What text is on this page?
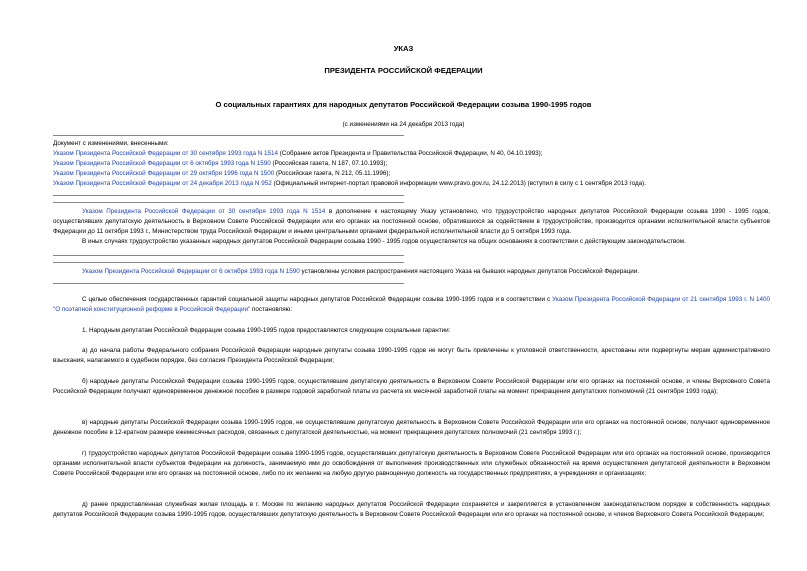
УКАЗ
ПРЕЗИДЕНТА РОССИЙСКОЙ ФЕДЕРАЦИИ
О социальных гарантиях для народных депутатов Российской Федерации созыва 1990-1995 годов
(с изменениями на 24 декабря 2013 года)
Документ с изменениями, внесенными:
Указом Президента Российской Федерации от 30 сентября 1993 года N 1514 (Собрание актов Президента и Правительства Российской Федерации, N 40, 04.10.1993);
Указом Президента Российской Федерации от 6 октября 1993 года N 1590 (Российская газета, N 187, 07.10.1993);
Указом Президента Российской Федерации от 29 октября 1996 года N 1500 (Российская газета, N 212, 05.11.1996);
Указом Президента Российской Федерации от 24 декабря 2013 года N 952 (Официальный интернет-портал правовой информации www.pravo.gov.ru, 24.12.2013) (вступил в силу с 1 сентября 2013 года).

Указом Президента Российской Федерации от 30 сентября 1993 года N 1514 в дополнение к настоящему Указу установлено, что трудоустройство народных депутатов Российской Федерации созыва 1990 - 1995 годов, осуществлявших депутатскую деятельность в Верховном Совете Российской Федерации или его органах на постоянной основе, обратившихся за содействием в трудоустройстве, производится органами исполнительной власти субъектов Федерации до 11 октября 1993 г., Министерством труда Российской Федерации и иными центральными органами федеральной исполнительной власти до 5 октября 1993 года.

В иных случаях трудоустройство указанных народных депутатов Российской Федерации созыва 1990 - 1995 годов осуществляется на общих основаниях в соответствии с действующим законодательством.

Указом Президента Российской Федерации от 6 октября 1993 года N 1590 установлены условия распространения настоящего Указа на бывших народных депутатов Российской Федерации.

С целью обеспечения государственных гарантий социальной защиты народных депутатов Российской Федерации созыва 1990-1995 годов и в соответствии с Указом Президента Российской Федерации от 21 сентября 1993 г. N 1400 "О поэтапной конституционной реформе в Российской Федерации" постановляю:

1. Народным депутатам Российской Федерации созыва 1990-1995 годов предоставляются следующие социальные гарантии:

а) до начала работы Федерального собрания Российской Федерации народные депутаты созыва 1990-1995 годов не могут быть привлечены к уголовной ответственности, арестованы или подвергнуты мерам административного взыскания, налагаемого в судебном порядке, без согласия Президента Российской Федерации;

б) народные депутаты Российской Федерации созыва 1990-1995 годов, осуществлявшие депутатскую деятельность в Верховном Совете Российской Федерации или его органах на постоянной основе, и члены Верховного Совета Российской Федерации получают единовременное денежное пособие в размере годовой заработной платы из расчета их месячной заработной платы на момент прекращения депутатских полномочий (21 сентября 1993 года);

в) народные депутаты Российской Федерации созыва 1990-1995 годов, не осуществлявшие депутатскую деятельность в Верховном Совете Российской Федерации или его органах на постоянной основе, получают единовременное денежное пособие в 12-кратном размере ежемесячных расходов, связанных с депутатской деятельностью, на момент прекращения депутатских полномочий (21 сентября 1993 г.);

г) трудоустройство народных депутатов Российской Федерации созыва 1990-1995 годов, осуществлявших депутатскую деятельность в Верховном Совете Российской Федерации или его органах на постоянной основе, производится органами исполнительной власти субъектов Федерации на должность, занимаемую ими до освобождения от выполнения производственных или служебных обязанностей на время осуществления депутатской деятельности в Верховном Совете Российской Федерации или его органах на постоянной основе, либо по их желанию на любую другую равноценную должность на государственных предприятиях, в учреждениях и организациях;

д) ранее предоставленная служебная жилая площадь в г. Москве по желанию народных депутатов Российской Федерации сохраняется и закрепляется в установленном законодательством порядке в собственность народных депутатов Российской Федерации созыва 1990-1995 годов, осуществлявших депутатскую деятельность в Верховном Совете Российской Федерации или его органах на постоянной основе, и членов Верховного Совета Российской Федерации;
